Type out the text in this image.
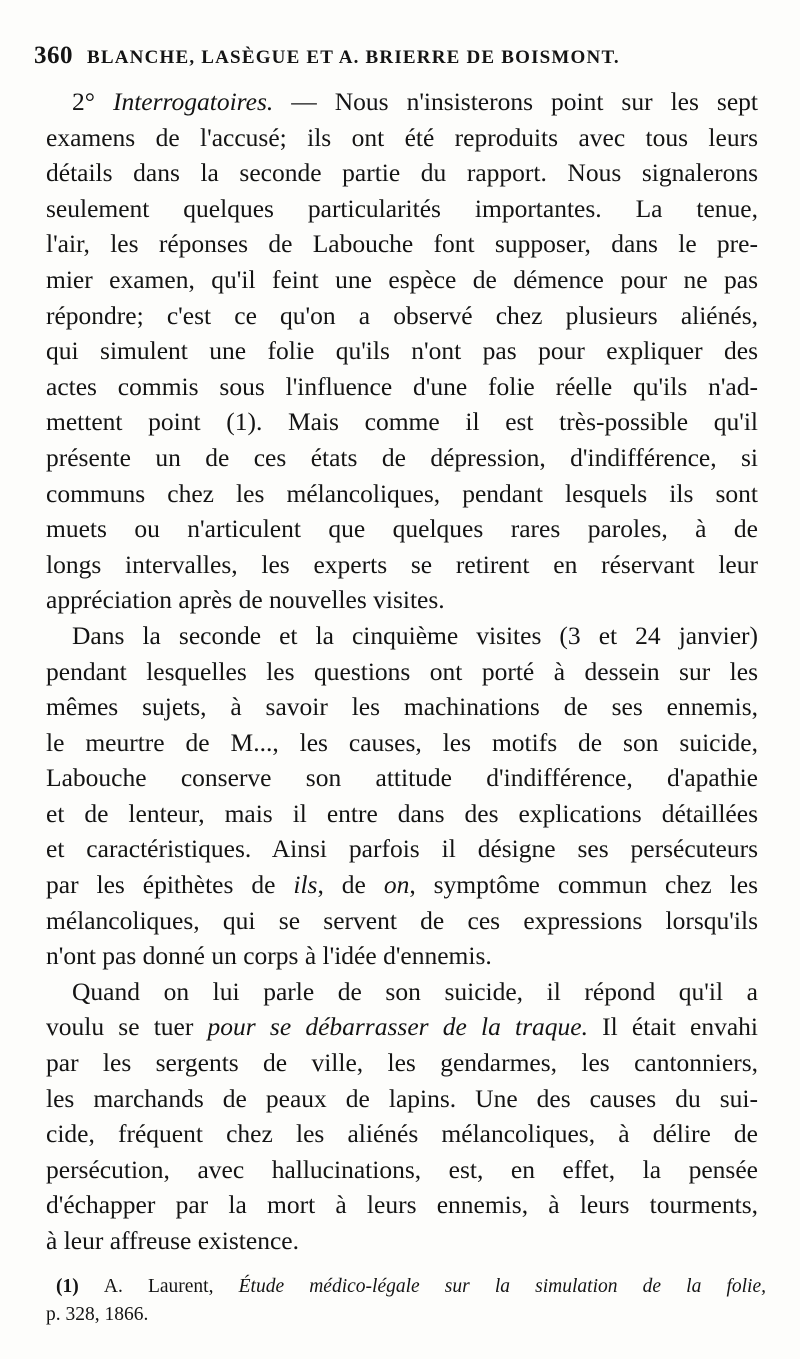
360 BLANCHE, LASÈGUE ET A. BRIERRE DE BOISMONT.
2° Interrogatoires. — Nous n'insisterons point sur les sept
examens de l'accusé; ils ont été reproduits avec tous leurs
détails dans la seconde partie du rapport. Nous signalerons
seulement quelques particularités importantes. La tenue,
l'air, les réponses de Labouche font supposer, dans le pre-
mier examen, qu'il feint une espèce de démence pour ne pas
répondre; c'est ce qu'on a observé chez plusieurs aliénés,
qui simulent une folie qu'ils n'ont pas pour expliquer des
actes commis sous l'influence d'une folie réelle qu'ils n'ad-
mettent point (1). Mais comme il est très-possible qu'il
présente un de ces états de dépression, d'indifférence, si
communs chez les mélancoliques, pendant lesquels ils sont
muets ou n'articulent que quelques rares paroles, à de
longs intervalles, les experts se retirent en réservant leur
appréciation après de nouvelles visites.
Dans la seconde et la cinquième visites (3 et 24 janvier)
pendant lesquelles les questions ont porté à dessein sur les
mêmes sujets, à savoir les machinations de ses ennemis,
le meurtre de M..., les causes, les motifs de son suicide,
Labouche conserve son attitude d'indifférence, d'apathie
et de lenteur, mais il entre dans des explications détaillées
et caractéristiques. Ainsi parfois il désigne ses persécuteurs
par les épithètes de ils, de on, symptôme commun chez les
mélancoliques, qui se servent de ces expressions lorsqu'ils
n'ont pas donné un corps à l'idée d'ennemis.
Quand on lui parle de son suicide, il répond qu'il a
voulu se tuer pour se débarrasser de la traque. Il était envahi
par les sergents de ville, les gendarmes, les cantonniers,
les marchands de peaux de lapins. Une des causes du sui-
cide, fréquent chez les aliénés mélancoliques, à délire de
persécution, avec hallucinations, est, en effet, la pensée
d'échapper par la mort à leurs ennemis, à leurs tourments,
à leur affreuse existence.
(1) A. Laurent, Étude médico-légale sur la simulation de la folie,
p. 328, 1866.
